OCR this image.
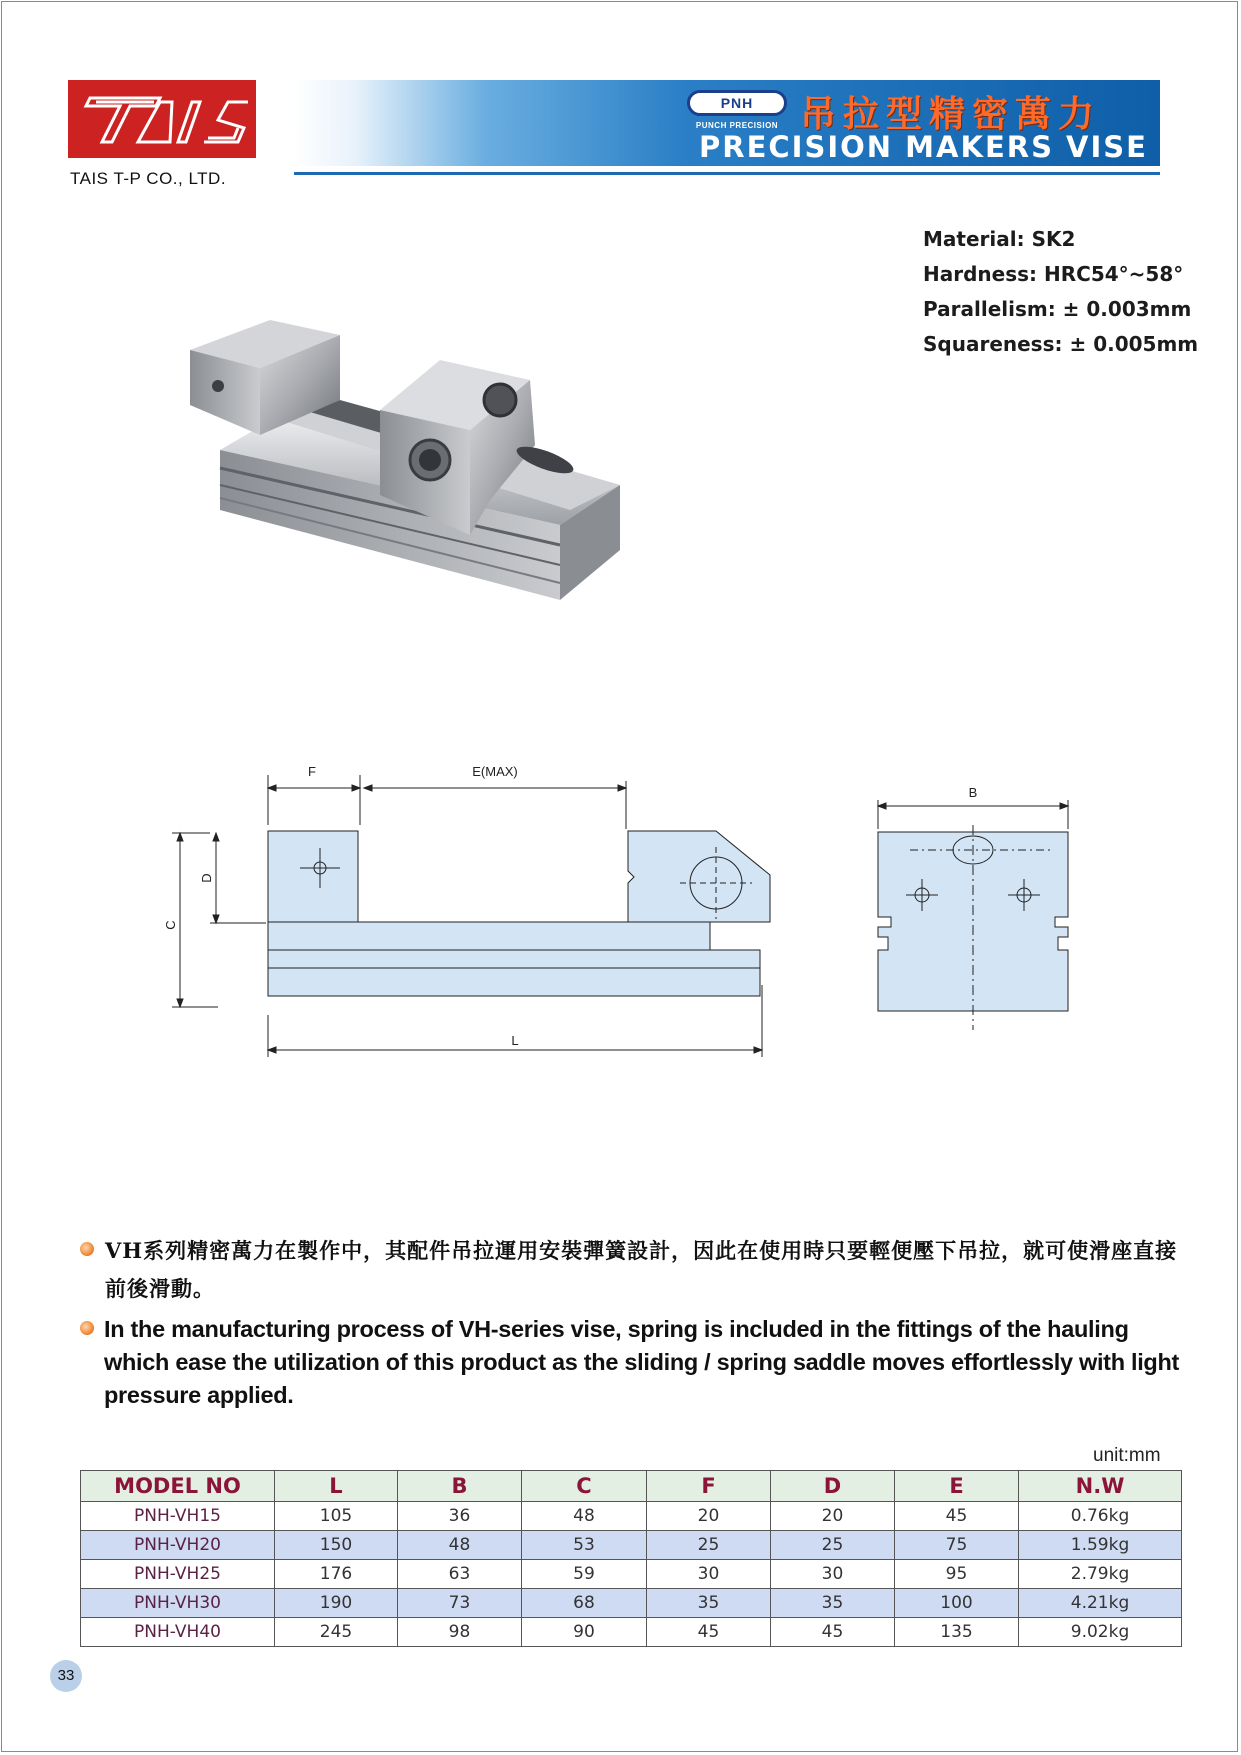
TAIS T-P CO., LTD.
PNH
PUNCH PRECISION 吊拉型精密萬力
PRECISION MAKERS VISE
Material: SK2
Hardness: HRC54°~58°
Parallelism: ± 0.003mm
Squareness: ± 0.005mm
F	E(MAX)
L
B
C
D
VH系列精密萬力在製作中，其配件吊拉運用安裝彈簧設計，因此在使用時只要輕便壓下吊拉，就可使滑座直接前後滑動。
In the manufacturing process of VH-series vise, spring is included in the fittings of the hauling which ease the utilization of this product as the sliding / spring saddle moves effortlessly with light pressure applied.
unit:mm
MODEL NO	L	B	C	F	D	E	N.W
PNH-VH15	105	36	48	20	20	45	0.76kg
PNH-VH20	150	48	53	25	25	75	1.59kg
PNH-VH25	176	63	59	30	30	95	2.79kg
PNH-VH30	190	73	68	35	35	100	4.21kg
PNH-VH40	245	98	90	45	45	135	9.02kg
33
